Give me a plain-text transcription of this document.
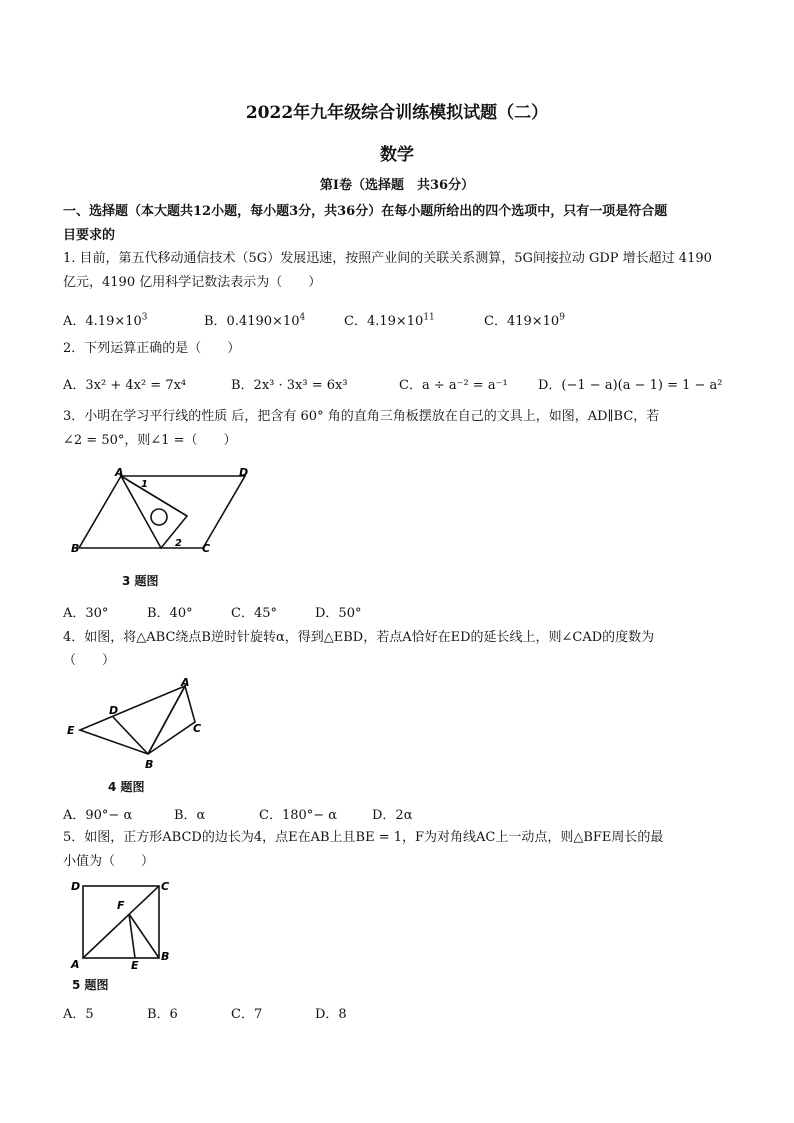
2022年九年级综合训练模拟试题（二）
数学
第Ⅰ卷（选择题　共36分）
一、选择题（本大题共12小题，每小题3分，共36分）在每小题所给出的四个选项中，只有一项是符合题
目要求的
1. 目前，第五代移动通信技术（5G）发展迅速，按照产业间的关联关系测算，5G间接拉动 GDP 增长超过 4190
亿元，4190 亿用科学记数法表示为（　　）
A．$4.19\times 10^3$	B．$0.4190\times 10^4$	C．$4.19\times 10^{11}$	C．$419\times 10^9$
2．下列运算正确的是（　　）
A．3x² + 4x² = 7x⁴	B．2x³ · 3x³ = 6x³	C．a ÷ a⁻² = a⁻¹ D．(−1 − a)(a − 1) = 1 − a²
3．小明在学习平行线的性质 后，把含有 60° 角的直角三角板摆放在自己的文具上，如图，AD∥BC，若
∠2 = 50°，则∠1 =（　　）
A	D
B	C
1
2
3 题图
A．30°	B．40°	C．45°	D．50°
4．如图，将△ABC绕点B逆时针旋转α，得到△EBD，若点A恰好在ED的延长线上，则∠CAD的度数为
（　　）
A
D
E	C
B
4 题图
A．90°− α	B．α	C．180°− α	D．2α
5．如图，正方形ABCD的边长为4，点E在AB上且BE = 1，F为对角线AC上一动点，则△BFE周长的最
小值为（　　）
D	C
F
A	E
B
5 题图
A．5	B．6	C．7	D．8
